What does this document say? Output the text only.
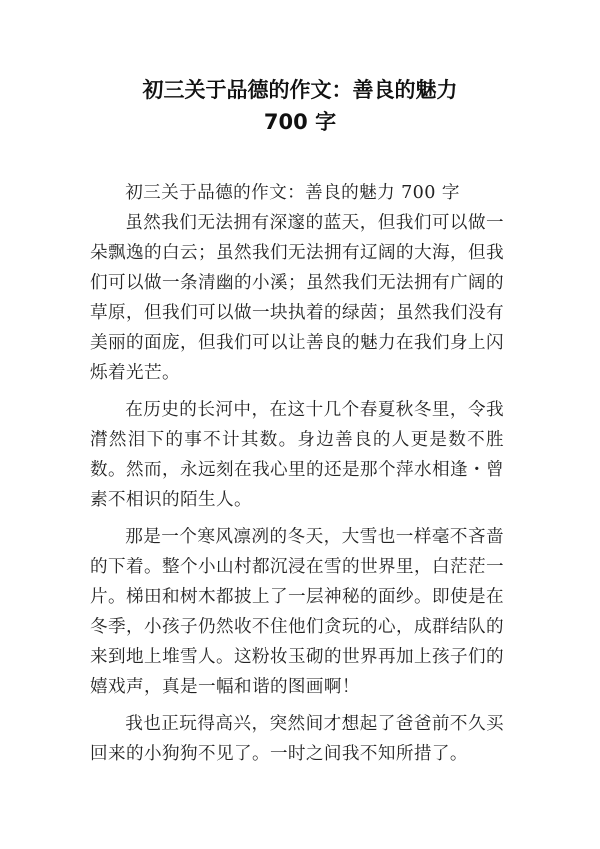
初三关于品德的作文：善良的魅力
700 字

初三关于品德的作文：善良的魅力 700 字

虽然我们无法拥有深邃的蓝天，但我们可以做一朵飘逸的白云；虽然我们无法拥有辽阔的大海，但我们可以做一条清幽的小溪；虽然我们无法拥有广阔的草原，但我们可以做一块执着的绿茵；虽然我们没有美丽的面庞，但我们可以让善良的魅力在我们身上闪烁着光芒。

在历史的长河中，在这十几个春夏秋冬里，令我潸然泪下的事不计其数。身边善良的人更是数不胜数。然而，永远刻在我心里的还是那个萍水相逢・曾素不相识的陌生人。

那是一个寒风凛冽的冬天，大雪也一样毫不吝啬的下着。整个小山村都沉浸在雪的世界里，白茫茫一片。梯田和树木都披上了一层神秘的面纱。即使是在冬季，小孩子仍然收不住他们贪玩的心，成群结队的来到地上堆雪人。这粉妆玉砌的世界再加上孩子们的嬉戏声，真是一幅和谐的图画啊！

我也正玩得高兴，突然间才想起了爸爸前不久买回来的小狗狗不见了。一时之间我不知所措了。
